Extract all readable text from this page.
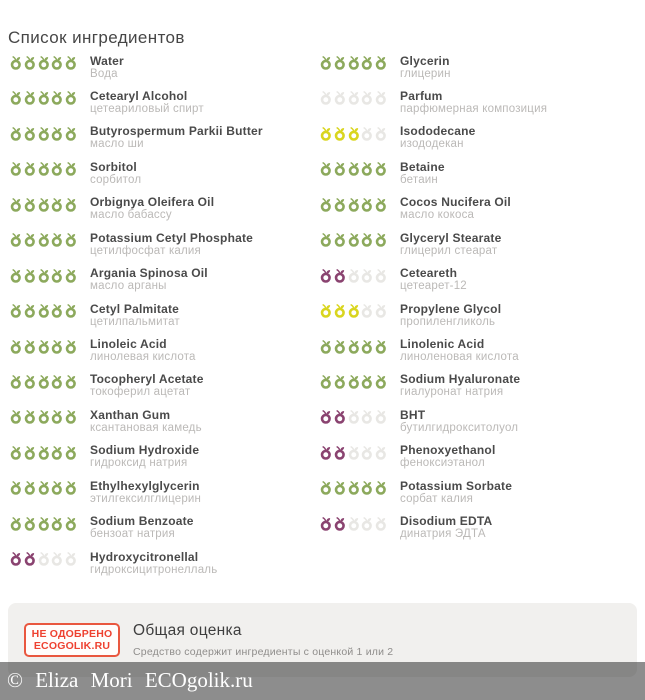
Список ингредиентов
Water
Вода
Cetearyl Alcohol
цетеариловый спирт
Butyrospermum Parkii Butter
масло ши
Sorbitol
сорбитол
Orbignya Oleifera Oil
масло бабассу
Potassium Cetyl Phosphate
цетилфосфат калия
Argania Spinosa Oil
масло арганы
Cetyl Palmitate
цетилпальмитат
Linoleic Acid
линолевая кислота
Tocopheryl Acetate
токоферил ацетат
Xanthan Gum
ксантановая камедь
Sodium Hydroxide
гидроксид натрия
Ethylhexylglycerin
этилгексилглицерин
Sodium Benzoate
бензоат натрия
Hydroxycitronellal
гидроксицитронеллаль
Glycerin
глицерин
Parfum
парфюмерная композиция
Isododecane
изододекан
Betaine
бетаин
Cocos Nucifera Oil
масло кокоса
Glyceryl Stearate
глицерил стеарат
Ceteareth
цетеарет-12
Propylene Glycol
пропиленгликоль
Linolenic Acid
линоленовая кислота
Sodium Hyaluronate
гиалуронат натрия
BHT
бутилгидрокситолуол
Phenoxyethanol
феноксиэтанол
Potassium Sorbate
сорбат калия
Disodium EDTA
динатрия ЭДТА
НЕ ОДОБРЕНО
ECOGOLIK.RU
Общая оценка
Средство содержит ингредиенты с оценкой 1 или 2
© Eliza Mori ECOgolik.ru
